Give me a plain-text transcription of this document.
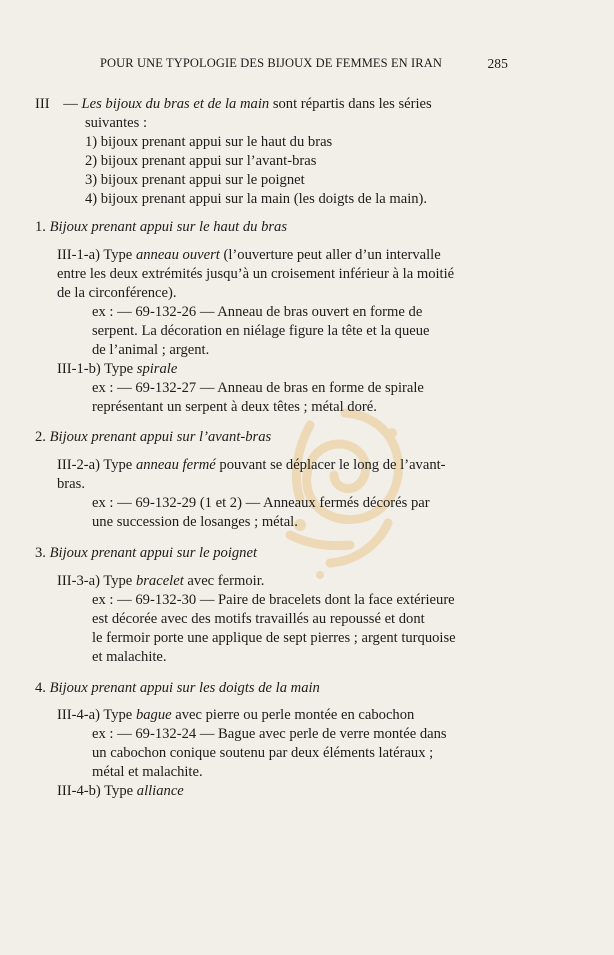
POUR UNE TYPOLOGIE DES BIJOUX DE FEMMES EN IRAN	285
III — Les bijoux du bras et de la main sont répartis dans les séries

suivantes :

1) bijoux prenant appui sur le haut du bras

2) bijoux prenant appui sur l’avant-bras

3) bijoux prenant appui sur le poignet

4) bijoux prenant appui sur la main (les doigts de la main).

1. Bijoux prenant appui sur le haut du bras

III-1-a) Type anneau ouvert (l’ouverture peut aller d’un intervalle

entre les deux extrémités jusqu’à un croisement inférieur à la moitié

de la circonférence).

ex : — 69-132-26 — Anneau de bras ouvert en forme de

serpent. La décoration en niélage figure la tête et la queue

de l’animal ; argent.

III-1-b) Type spirale

ex : — 69-132-27 — Anneau de bras en forme de spirale

représentant un serpent à deux têtes ; métal doré.

2. Bijoux prenant appui sur l’avant-bras

III-2-a) Type anneau fermé pouvant se déplacer le long de l’avant-

bras.

ex : — 69-132-29 (1 et 2) — Anneaux fermés décorés par

une succession de losanges ; métal.

3. Bijoux prenant appui sur le poignet

III-3-a) Type bracelet avec fermoir.

ex : — 69-132-30 — Paire de bracelets dont la face extérieure

est décorée avec des motifs travaillés au repoussé et dont

le fermoir porte une applique de sept pierres ; argent turquoise

et malachite.

4. Bijoux prenant appui sur les doigts de la main

III-4-a) Type bague avec pierre ou perle montée en cabochon

ex : — 69-132-24 — Bague avec perle de verre montée dans

un cabochon conique soutenu par deux éléments latéraux ;

métal et malachite.

III-4-b) Type alliance
